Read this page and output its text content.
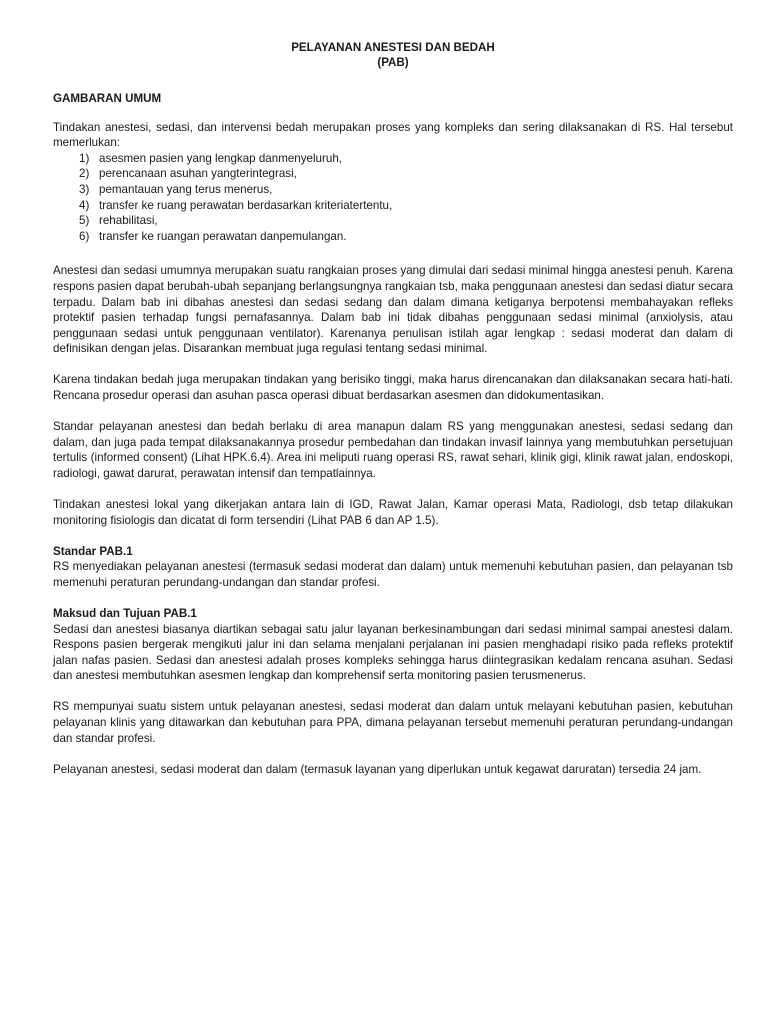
PELAYANAN ANESTESI DAN BEDAH

(PAB)

GAMBARAN UMUM

Tindakan anestesi, sedasi, dan intervensi bedah merupakan proses yang kompleks dan sering dilaksanakan di RS. Hal tersebut memerlukan:

1) asesmen pasien yang lengkap danmenyeluruh,
2) perencanaan asuhan yangterintegrasi,
3) pemantauan yang terus menerus,
4) transfer ke ruang perawatan berdasarkan kriteriatertentu,
5) rehabilitasi,
6) transfer ke ruangan perawatan danpemulangan.

Anestesi dan sedasi umumnya merupakan suatu rangkaian proses yang dimulai dari sedasi minimal hingga anestesi penuh. Karena respons pasien dapat berubah-ubah sepanjang berlangsungnya rangkaian tsb, maka penggunaan anestesi dan sedasi diatur secara terpadu. Dalam bab ini dibahas anestesi dan sedasi sedang dan dalam dimana ketiganya berpotensi membahayakan refleks protektif pasien terhadap fungsi pernafasannya. Dalam bab ini tidak dibahas penggunaan sedasi minimal (anxiolysis, atau penggunaan sedasi untuk penggunaan ventilator). Karenanya penulisan istilah agar lengkap : sedasi moderat dan dalam di definisikan dengan jelas. Disarankan membuat juga regulasi tentang sedasi minimal.

Karena tindakan bedah juga merupakan tindakan yang berisiko tinggi, maka harus direncanakan dan dilaksanakan secara hati-hati. Rencana prosedur operasi dan asuhan pasca operasi dibuat berdasarkan asesmen dan didokumentasikan.

Standar pelayanan anestesi dan bedah berlaku di area manapun dalam RS yang menggunakan anestesi, sedasi sedang dan dalam, dan juga pada tempat dilaksanakannya prosedur pembedahan dan tindakan invasif lainnya yang membutuhkan persetujuan tertulis (informed consent) (Lihat HPK.6.4). Area ini meliputi ruang operasi RS, rawat sehari, klinik gigi, klinik rawat jalan, endoskopi, radiologi, gawat darurat, perawatan intensif dan tempatlainnya.

Tindakan anestesi lokal yang dikerjakan antara lain di IGD, Rawat Jalan, Kamar operasi Mata, Radiologi, dsb tetap dilakukan monitoring fisiologis dan dicatat di form tersendiri (Lihat PAB 6 dan AP 1.5).

Standar PAB.1

RS menyediakan pelayanan anestesi (termasuk sedasi moderat dan dalam) untuk memenuhi kebutuhan pasien, dan pelayanan tsb memenuhi peraturan perundang-undangan dan standar profesi.

Maksud dan Tujuan PAB.1

Sedasi dan anestesi biasanya diartikan sebagai satu jalur layanan berkesinambungan dari sedasi minimal sampai anestesi dalam. Respons pasien bergerak mengikuti jalur ini dan selama menjalani perjalanan ini pasien menghadapi risiko pada refleks protektif jalan nafas pasien. Sedasi dan anestesi adalah proses kompleks sehingga harus diintegrasikan kedalam rencana asuhan. Sedasi dan anestesi membutuhkan asesmen lengkap dan komprehensif serta monitoring pasien terusmenerus.

RS mempunyai suatu sistem untuk pelayanan anestesi, sedasi moderat dan dalam untuk melayani kebutuhan pasien, kebutuhan pelayanan klinis yang ditawarkan dan kebutuhan para PPA, dimana pelayanan tersebut memenuhi peraturan perundang-undangan dan standar profesi.

Pelayanan anestesi, sedasi moderat dan dalam (termasuk layanan yang diperlukan untuk kegawat daruratan) tersedia 24 jam.
